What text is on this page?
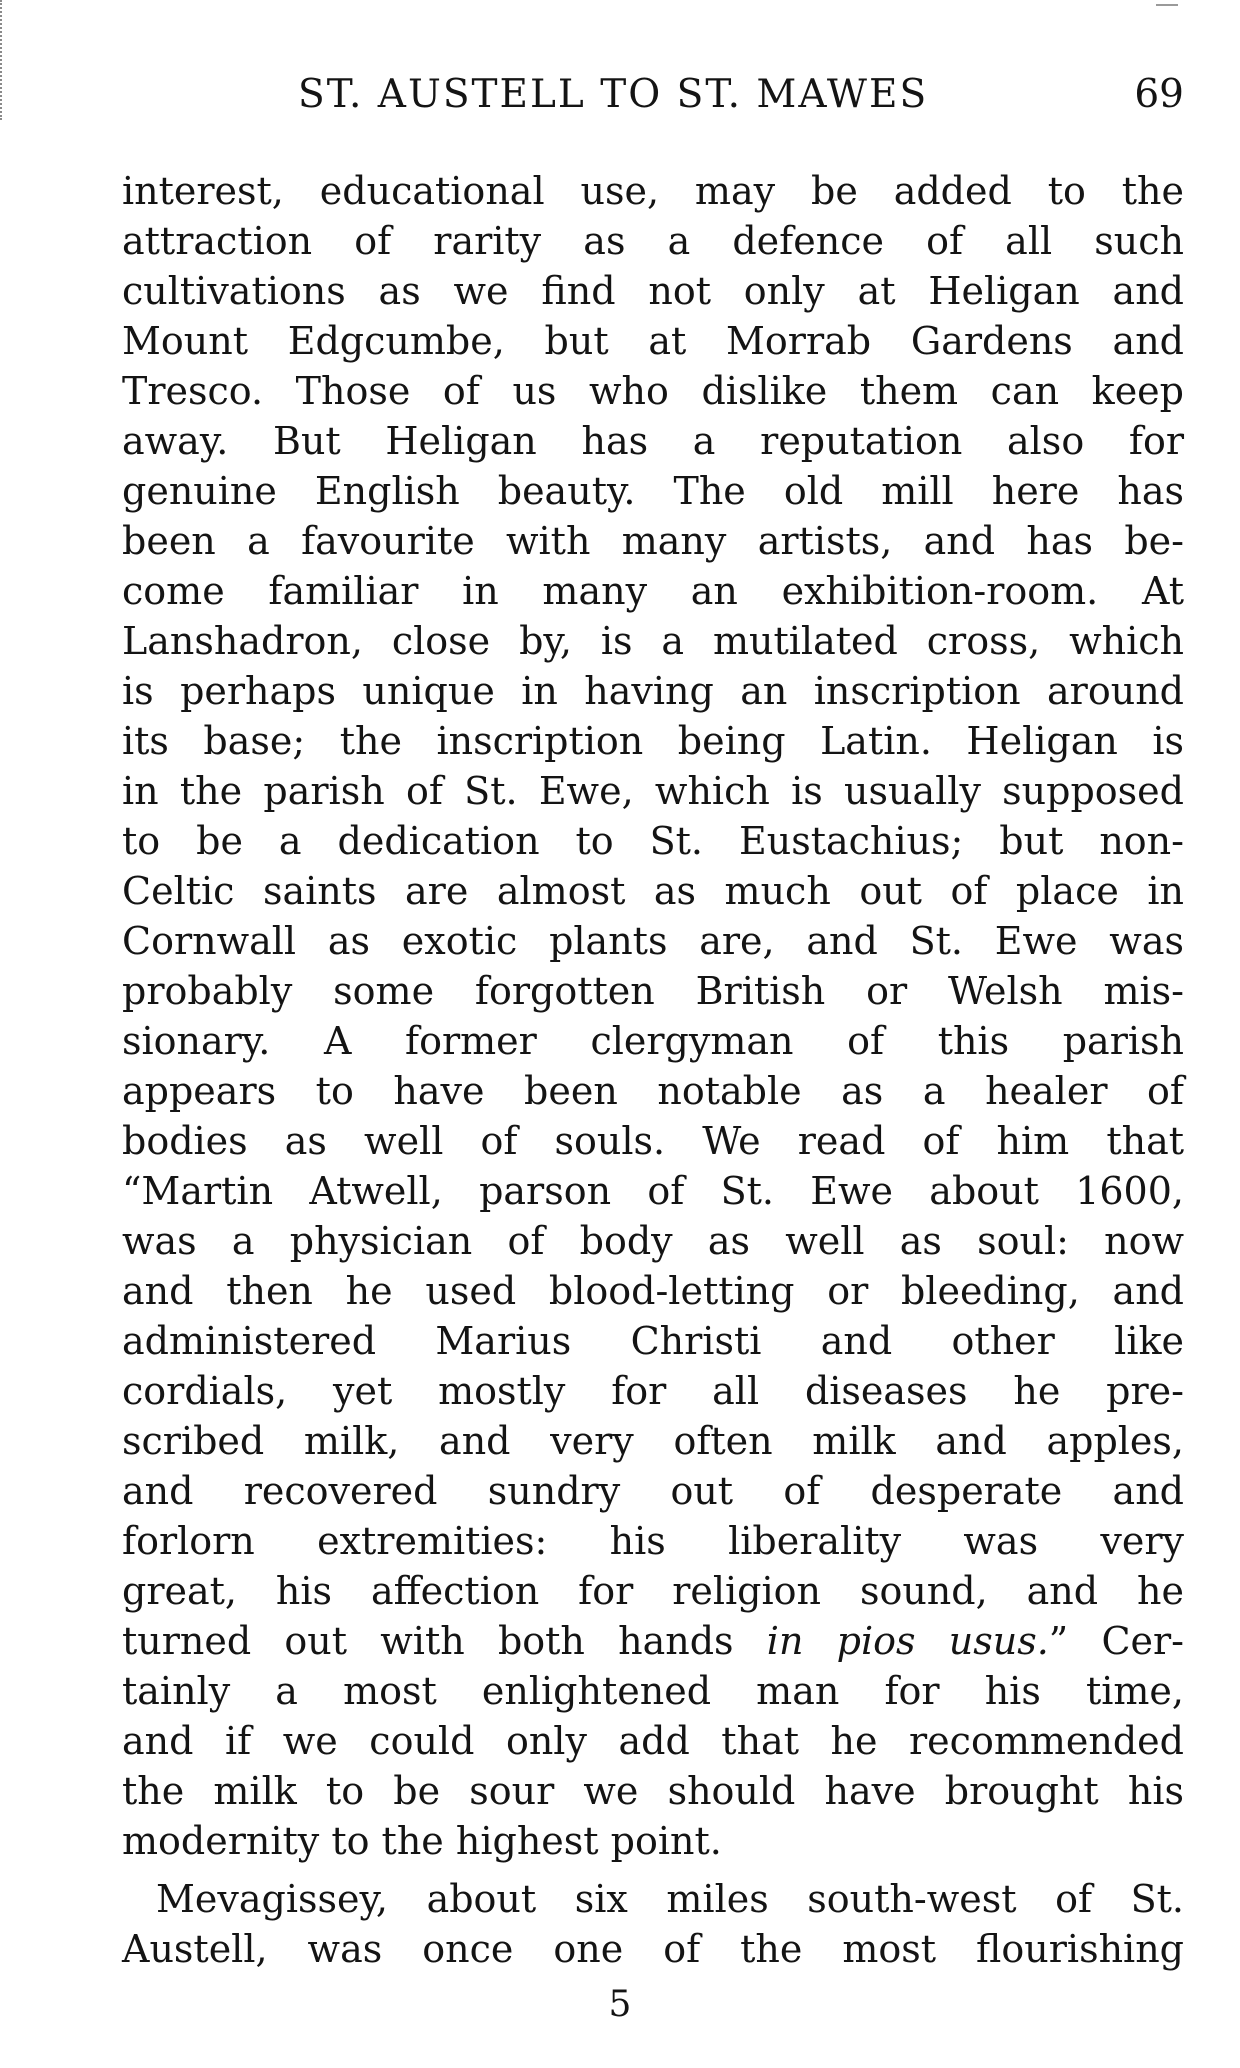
ST. AUSTELL TO ST. MAWES	69
interest, educational use, may be added to the
attraction of rarity as a defence of all such
cultivations as we find not only at Heligan and
Mount Edgcumbe, but at Morrab Gardens and
Tresco. Those of us who dislike them can keep
away. But Heligan has a reputation also for
genuine English beauty. The old mill here has
been a favourite with many artists, and has be-
come familiar in many an exhibition-room. At
Lanshadron, close by, is a mutilated cross, which
is perhaps unique in having an inscription around
its base; the inscription being Latin. Heligan is
in the parish of St. Ewe, which is usually supposed
to be a dedication to St. Eustachius; but non-
Celtic saints are almost as much out of place in
Cornwall as exotic plants are, and St. Ewe was
probably some forgotten British or Welsh mis-
sionary. A former clergyman of this parish
appears to have been notable as a healer of
bodies as well of souls. We read of him that
“Martin Atwell, parson of St. Ewe about 1600,
was a physician of body as well as soul: now
and then he used blood-letting or bleeding, and
administered Marius Christi and other like
cordials, yet mostly for all diseases he pre-
scribed milk, and very often milk and apples,
and recovered sundry out of desperate and
forlorn extremities: his liberality was very
great, his affection for religion sound, and he
turned out with both hands in pios usus.” Cer-
tainly a most enlightened man for his time,
and if we could only add that he recommended
the milk to be sour we should have brought his
modernity to the highest point.
Mevagissey, about six miles south-west of St.
Austell, was once one of the most flourishing
5
